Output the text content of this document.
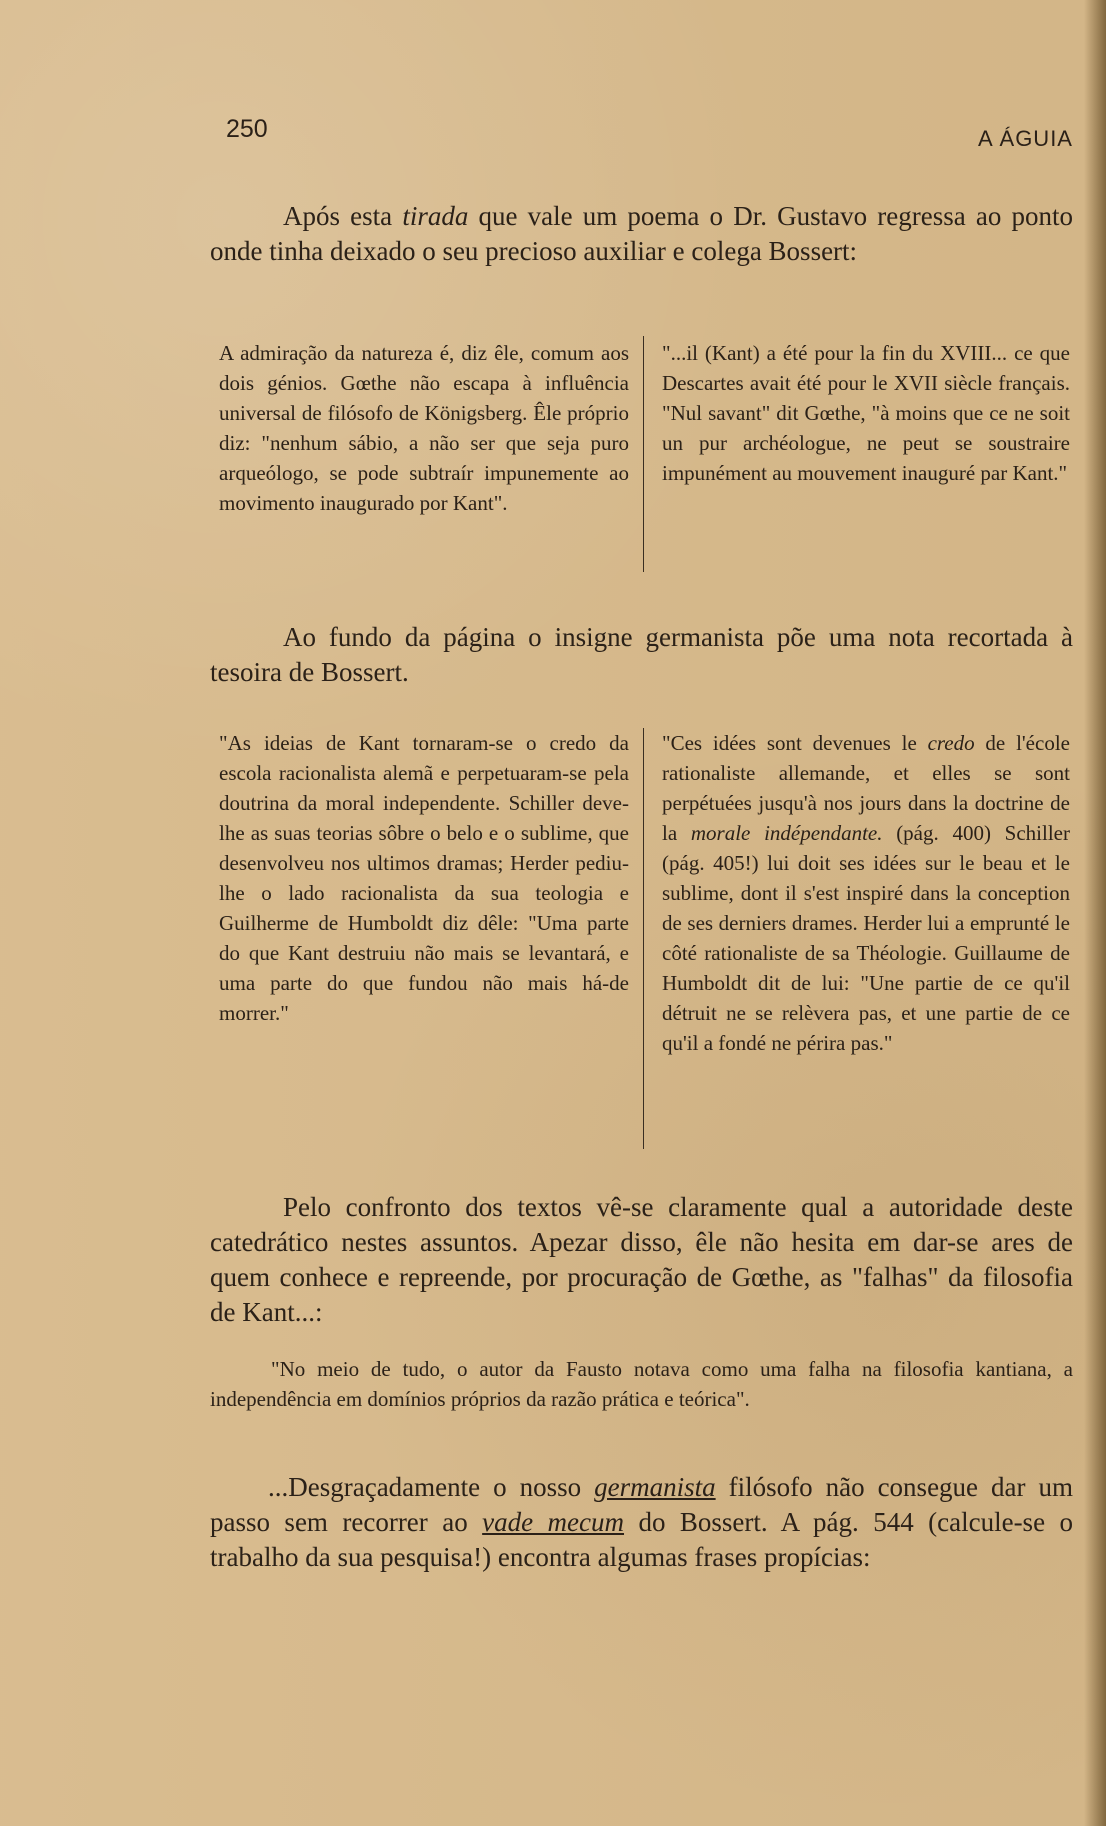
250	A ÁGUIA
Após esta tirada que vale um poema o Dr. Gustavo regressa ao ponto onde tinha deixado o seu precioso auxiliar e colega Bossert:
A admiração da natureza é, diz êle, comum aos dois génios. Gœthe não escapa à influência universal de filósofo de Königsberg. Êle próprio diz: "nenhum sábio, a não ser que seja puro arqueólogo, se pode subtraír impunemente ao movimento inaugurado por Kant".
"...il (Kant) a été pour la fin du XVIII... ce que Descartes avait été pour le XVII siècle français. "Nul savant" dit Gœthe, "à moins que ce ne soit un pur archéologue, ne peut se soustraire impunément au mouvement inauguré par Kant."
Ao fundo da página o insigne germanista põe uma nota recortada à tesoira de Bossert.
"As ideias de Kant tornaram-se o credo da escola racionalista alemã e perpetuaram-se pela doutrina da moral independente. Schiller deve-lhe as suas teorias sôbre o belo e o sublime, que desenvolveu nos ultimos dramas; Herder pediu-lhe o lado racionalista da sua teologia e Guilherme de Humboldt diz dêle: "Uma parte do que Kant destruiu não mais se levantará, e uma parte do que fundou não mais há-de morrer."
"Ces idées sont devenues le credo de l'école rationaliste allemande, et elles se sont perpétuées jusqu'à nos jours dans la doctrine de la morale indépendante. (pág. 400) Schiller (pág. 405!) lui doit ses idées sur le beau et le sublime, dont il s'est inspiré dans la conception de ses derniers drames. Herder lui a emprunté le côté rationaliste de sa Théologie. Guillaume de Humboldt dit de lui: "Une partie de ce qu'il détruit ne se relèvera pas, et une partie de ce qu'il a fondé ne périra pas."
Pelo confronto dos textos vê-se claramente qual a autoridade deste catedrático nestes assuntos. Apezar disso, êle não hesita em dar-se ares de quem conhece e repreende, por procuração de Gœthe, as "falhas" da filosofia de Kant...:
"No meio de tudo, o autor da Fausto notava como uma falha na filosofia kantiana, a independência em domínios próprios da razão prática e teórica".
...Desgraçadamente o nosso germanista filósofo não consegue dar um passo sem recorrer ao vade mecum do Bossert. A pág. 544 (calcule-se o trabalho da sua pesquisa!) encontra algumas frases propícias:
